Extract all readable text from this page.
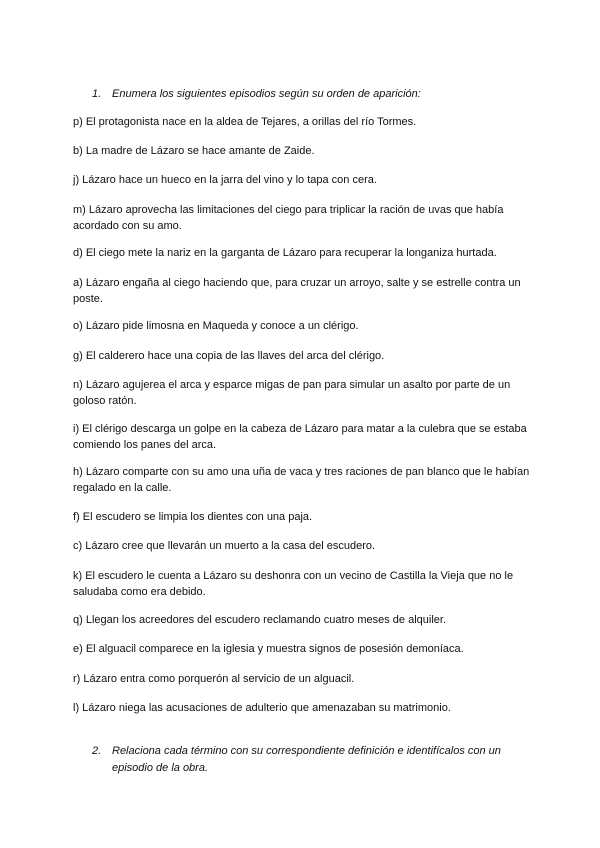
1. Enumera los siguientes episodios según su orden de aparición:
p) El protagonista nace en la aldea de Tejares, a orillas del río Tormes.
b) La madre de Lázaro se hace amante de Zaide.
j) Lázaro hace un hueco en la jarra del vino y lo tapa con cera.
m) Lázaro aprovecha las limitaciones del ciego para triplicar la ración de uvas que había acordado con su amo.
d) El ciego mete la nariz en la garganta de Lázaro para recuperar la longaniza hurtada.
a) Lázaro engaña al ciego haciendo que, para cruzar un arroyo, salte y se estrelle contra un poste.
o) Lázaro pide limosna en Maqueda y conoce a un clérigo.
g) El calderero hace una copia de las llaves del arca del clérigo.
n) Lázaro agujerea el arca y esparce migas de pan para simular un asalto por parte de un goloso ratón.
i) El clérigo descarga un golpe en la cabeza de Lázaro para matar a la culebra que se estaba comiendo los panes del arca.
h) Lázaro comparte con su amo una uña de vaca y tres raciones de pan blanco que le habían regalado en la calle.
f) El escudero se limpia los dientes con una paja.
c) Lázaro cree que llevarán un muerto a la casa del escudero.
k) El escudero le cuenta a Lázaro su deshonra con un vecino de Castilla la Vieja que no le saludaba como era debido.
q) Llegan los acreedores del escudero reclamando cuatro meses de alquiler.
e) El alguacil comparece en la iglesia y muestra signos de posesión demoníaca.
r) Lázaro entra como porquerón al servicio de un alguacil.
l) Lázaro niega las acusaciones de adulterio que amenazaban su matrimonio.
2. Relaciona cada término con su correspondiente definición e identifícalos con un episodio de la obra.
